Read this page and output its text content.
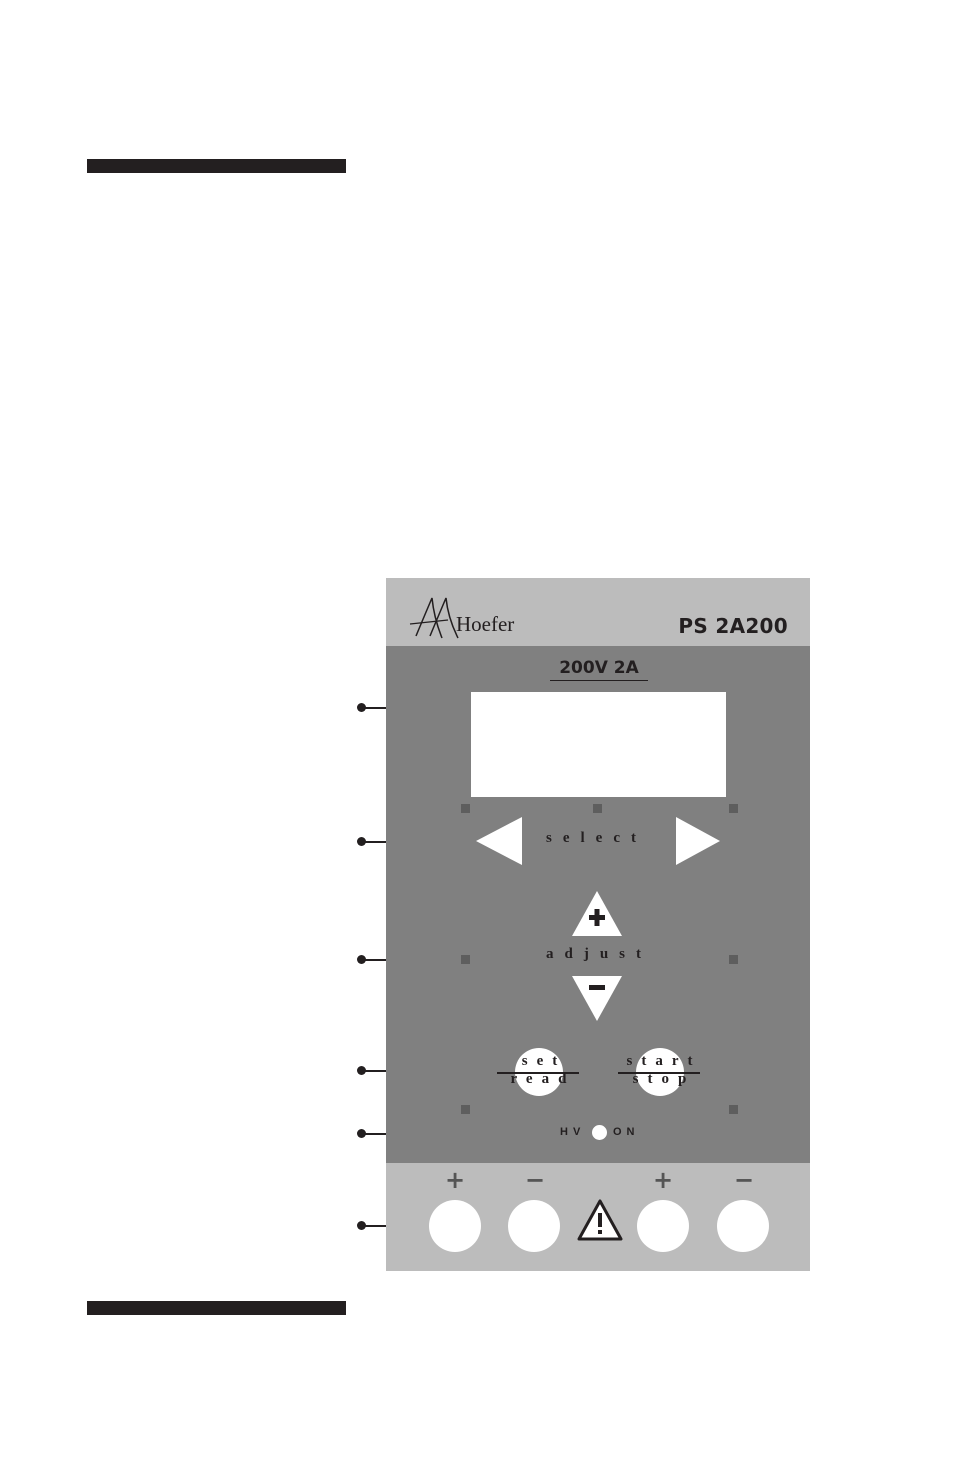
Hoefer	PS 2A200
200V 2A
select
adjust
set
read
start
stop
HV	ON
+ −	+	−
